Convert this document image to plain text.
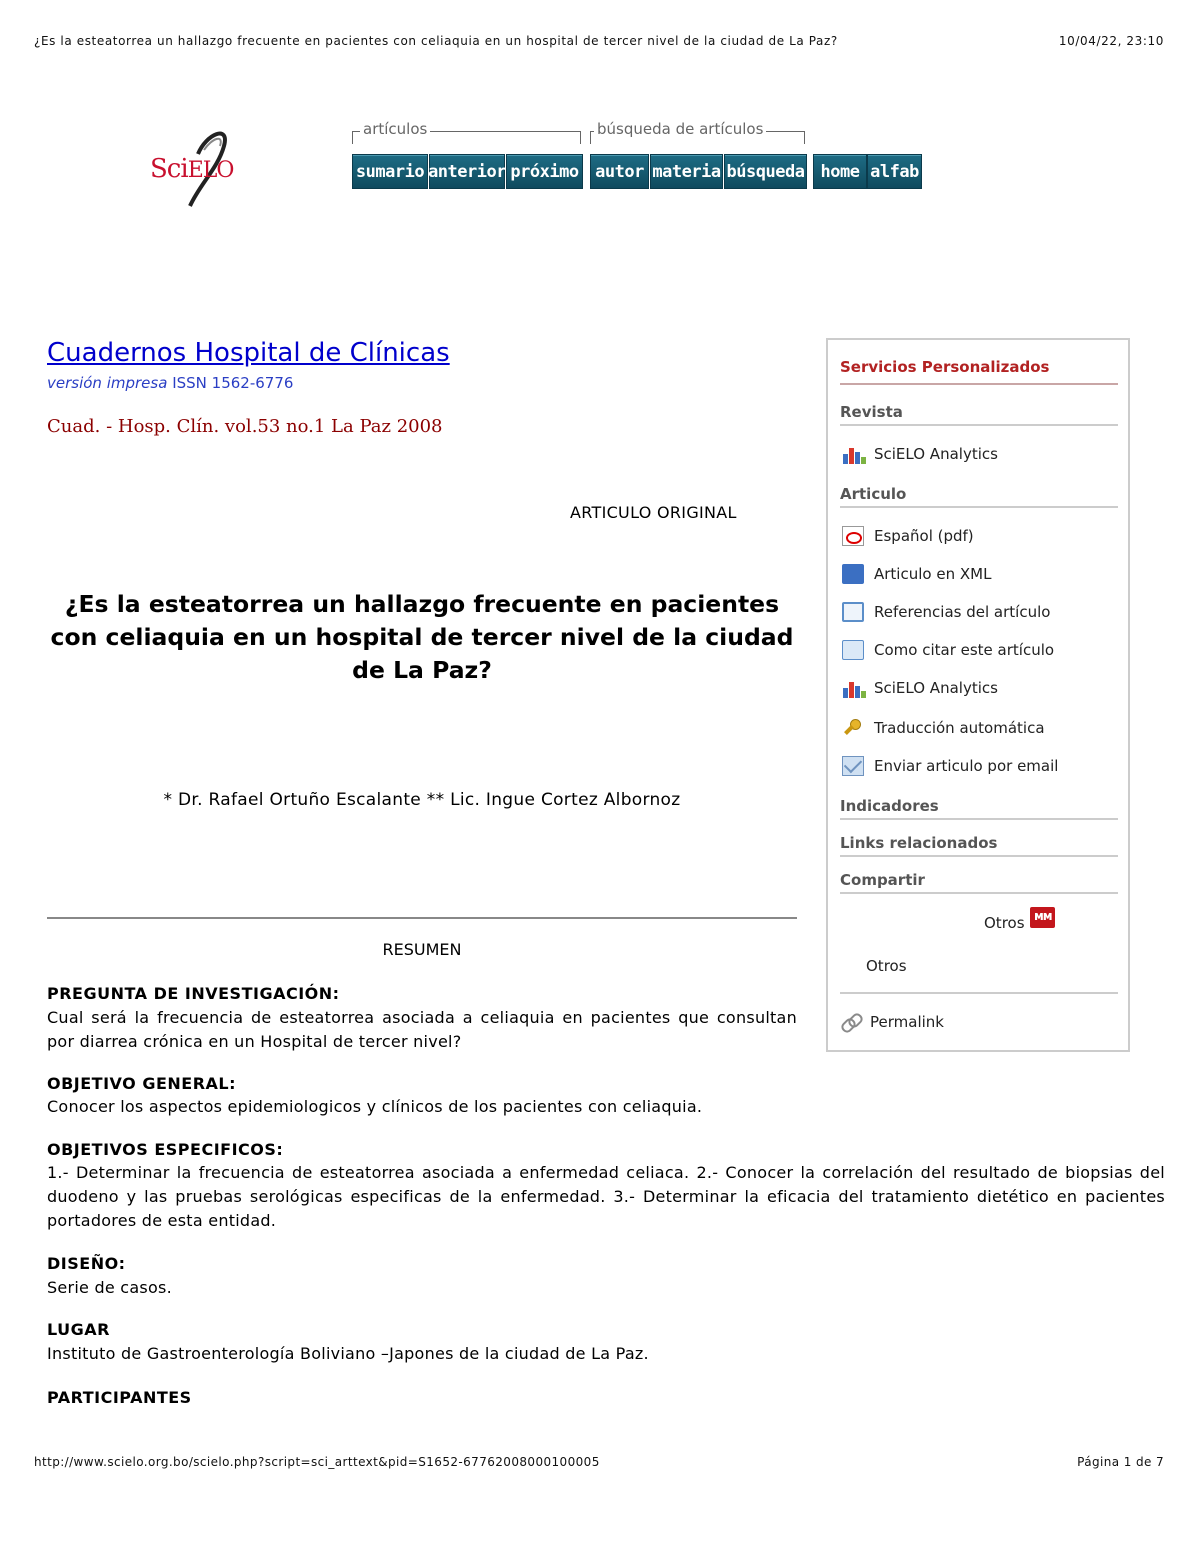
¿Es la esteatorrea un hallazgo frecuente en pacientes con celiaquia en un hospital de tercer nivel de la ciudad de La Paz?	10/04/22, 23:10
SciELO
artículos	búsqueda de artículos
sumario anterior próximo autor materia búsqueda home alfab
Cuadernos Hospital de Clínicas
versión impresa ISSN 1562-6776
Cuad. - Hosp. Clín. vol.53 no.1 La Paz 2008
ARTICULO ORIGINAL
¿Es la esteatorrea un hallazgo frecuente en pacientes con celiaquia en un hospital de tercer nivel de la ciudad de La Paz?
* Dr. Rafael Ortuño Escalante ** Lic. Ingue Cortez Albornoz
RESUMEN
PREGUNTA DE INVESTIGACIÓN:
Cual será la frecuencia de esteatorrea asociada a celiaquia en pacientes que consultan por diarrea crónica en un Hospital de tercer nivel?
OBJETIVO GENERAL:
Conocer los aspectos epidemiologicos y clínicos de los pacientes con celiaquia.
OBJETIVOS ESPECIFICOS:
1.- Determinar la frecuencia de esteatorrea asociada a enfermedad celiaca. 2.- Conocer la correlación del resultado de biopsias del duodeno y las pruebas serológicas especificas de la enfermedad. 3.- Determinar la eficacia del tratamiento dietético en pacientes portadores de esta entidad.
DISEÑO:
Serie de casos.
LUGAR
Instituto de Gastroenterología Boliviano –Japones de la ciudad de La Paz.
PARTICIPANTES
Servicios Personalizados
Revista
SciELO Analytics
Articulo
Español (pdf)
Articulo en XML
Referencias del artículo
Como citar este artículo
SciELO Analytics
Traducción automática
Enviar articulo por email
Indicadores
Links relacionados
Compartir
Otros
Otros
Permalink
ᴍᴍ
http://www.scielo.org.bo/scielo.php?script=sci_arttext&pid=S1652-67762008000100005	Página 1 de 7
